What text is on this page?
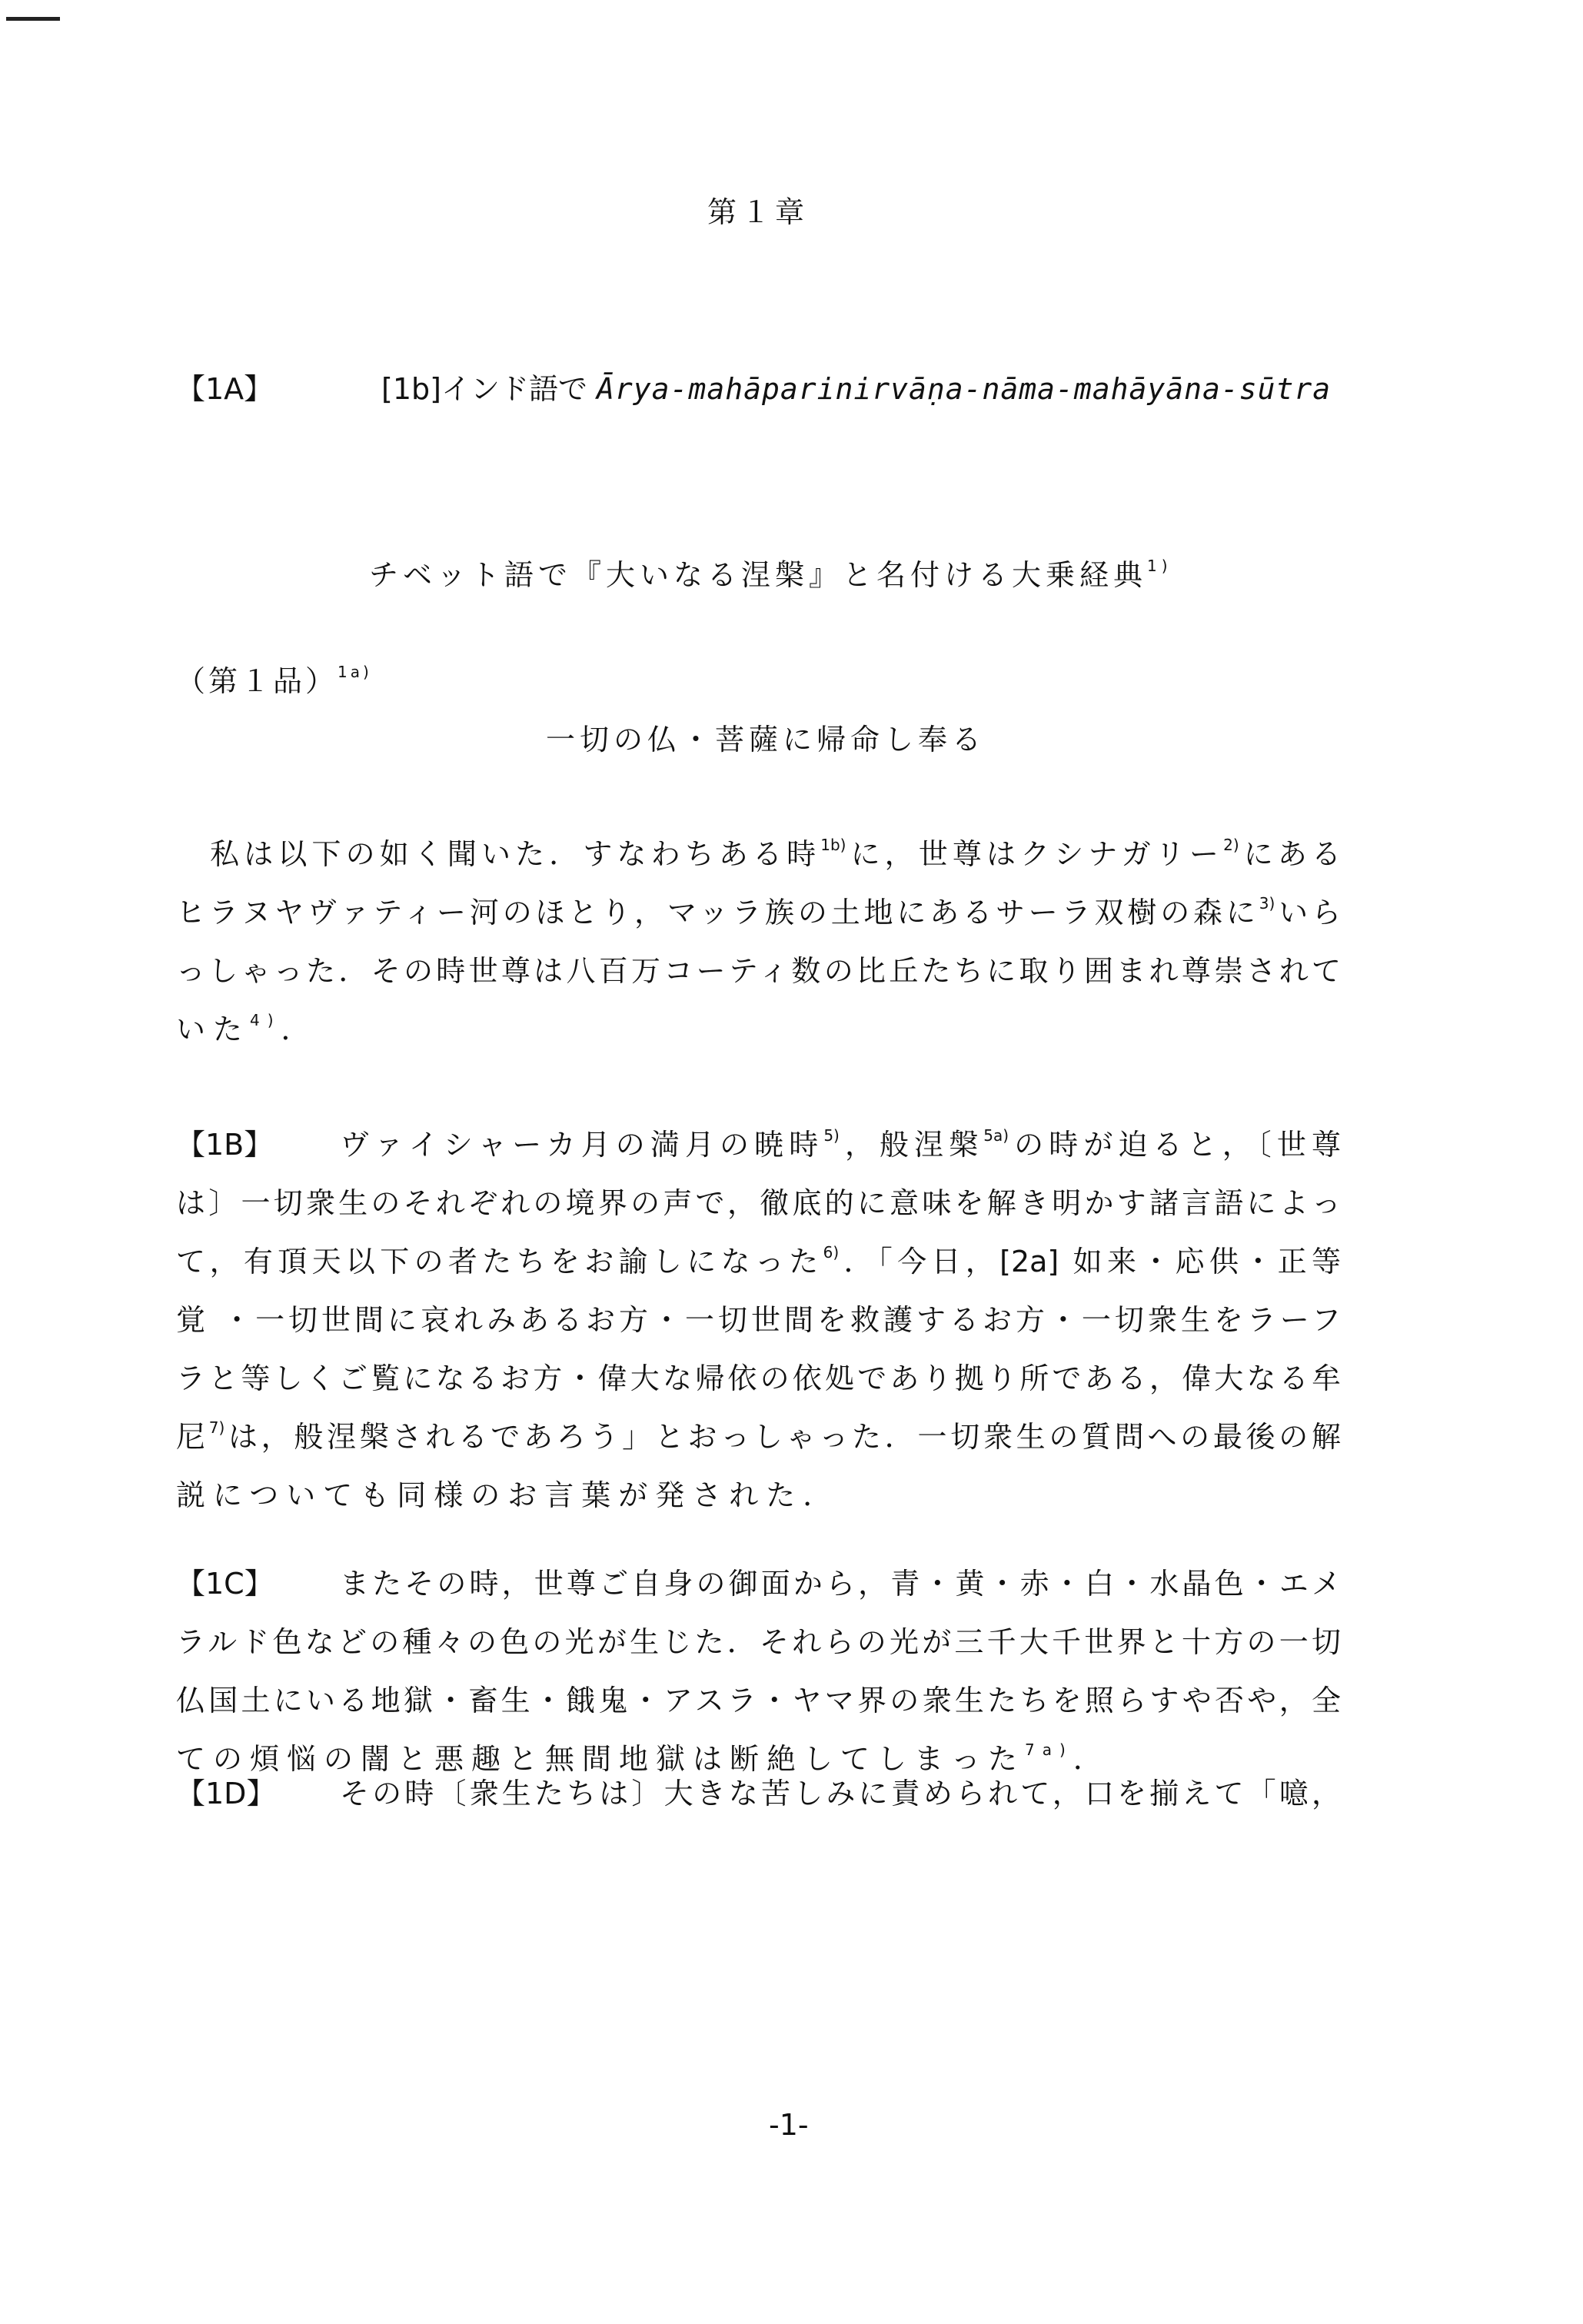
第１章
【1A】	[1b]インド語で Ārya-mahāparinirvāṇa-nāma-mahāyāna-sūtra
チベット語で『大いなる涅槃』と名付ける大乗経典$^{1)}$
（第１品）$^{1a)}$
一切の仏・菩薩に帰命し奉る
　私は以下の如く聞いた．すなわちある時$^{1b)}$に，世尊はクシナガリー$^{2)}$にある
ヒラヌヤヴァティー河のほとり，マッラ族の土地にあるサーラ双樹の森に$^{3)}$いら
っしゃった．その時世尊は八百万コーティ数の比丘たちに取り囲まれ尊崇されて
いた$^{4)}$．
【1B】 ヴァイシャーカ月の満月の暁時$^{5)}$，般涅槃$^{5a)}$の時が迫ると，〔世尊
は〕一切衆生のそれぞれの境界の声で，徹底的に意味を解き明かす諸言語によっ
て，有頂天以下の者たちをお諭しになった$^{6)}$．「今日，[2a] 如来・応供・正等
覚 ・一切世間に哀れみあるお方・一切世間を救護するお方・一切衆生をラーフ
ラと等しくご覧になるお方・偉大な帰依の依処であり拠り所である，偉大なる牟
尼$^{7)}$は，般涅槃されるであろう」とおっしゃった．一切衆生の質問への最後の解
説についても同様のお言葉が発された．
【1C】 またその時，世尊ご自身の御面から，青・黄・赤・白・水晶色・エメ
ラルド色などの種々の色の光が生じた．それらの光が三千大千世界と十方の一切
仏国土にいる地獄・畜生・餓鬼・アスラ・ヤマ界の衆生たちを照らすや否や，全
ての煩悩の闇と悪趣と無間地獄は断絶してしまった$^{7a)}$．
【1D】 その時〔衆生たちは〕大きな苦しみに責められて，口を揃えて「噫，
-1-
